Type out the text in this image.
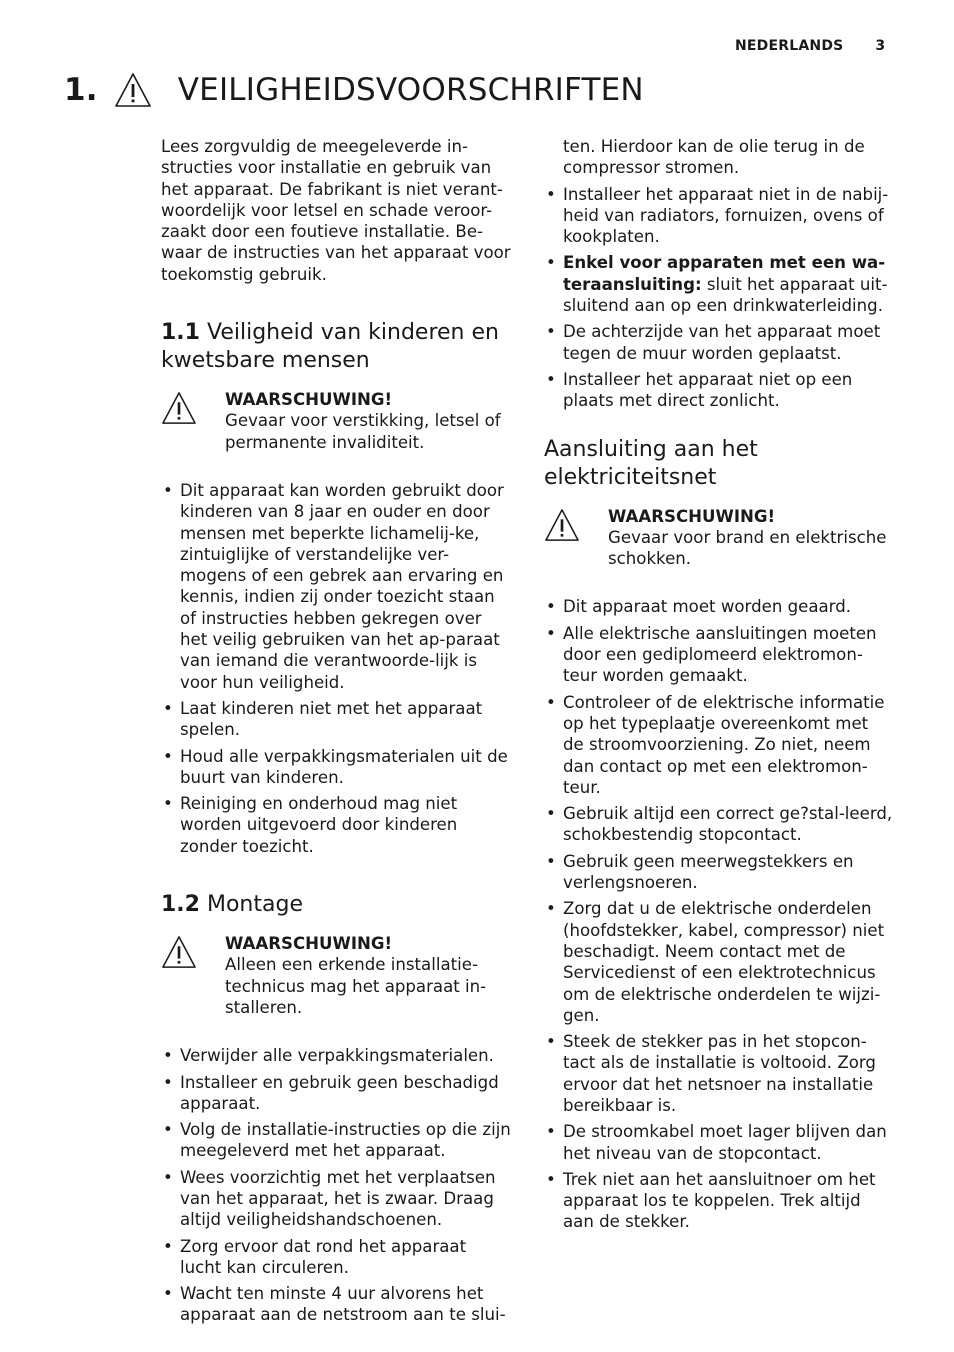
NEDERLANDS 3
1.	VEILIGHEIDSVOORSCHRIFTEN

Lees zorgvuldig de meegeleverde in-structies voor installatie en gebruik van het apparaat. De fabrikant is niet verant-woordelijk voor letsel en schade veroor-zaakt door een foutieve installatie. Be-waar de instructies van het apparaat voor toekomstig gebruik.

1.1 Veiligheid van kinderen en kwetsbare mensen
WAARSCHUWING!
Gevaar voor verstikking, letsel of permanente invaliditeit.
• Dit apparaat kan worden gebruikt door kinderen van 8 jaar en ouder en door mensen met beperkte lichamelij-ke, zintuiglijke of verstandelijke ver-mogens of een gebrek aan ervaring en kennis, indien zij onder toezicht staan of instructies hebben gekregen over het veilig gebruiken van het ap-paraat van iemand die verantwoorde-lijk is voor hun veiligheid.
• Laat kinderen niet met het apparaat spelen.
• Houd alle verpakkingsmaterialen uit de buurt van kinderen.
• Reiniging en onderhoud mag niet worden uitgevoerd door kinderen zonder toezicht.
1.2 Montage
WAARSCHUWING!
Alleen een erkende installatie-technicus mag het apparaat in-stalleren.
• Verwijder alle verpakkingsmaterialen.
• Installeer en gebruik geen beschadigd apparaat.
• Volg de installatie-instructies op die zijn meegeleverd met het apparaat.
• Wees voorzichtig met het verplaatsen van het apparaat, het is zwaar. Draag altijd veiligheidshandschoenen.
• Zorg ervoor dat rond het apparaat lucht kan circuleren.
• Wacht ten minste 4 uur alvorens het apparaat aan de netstroom aan te slui-
ten. Hierdoor kan de olie terug in de compressor stromen.
• Installeer het apparaat niet in de nabij-heid van radiators, fornuizen, ovens of kookplaten.
• Enkel voor apparaten met een wa-teraansluiting: sluit het apparaat uit-sluitend aan op een drinkwaterleiding.
• De achterzijde van het apparaat moet tegen de muur worden geplaatst.
• Installeer het apparaat niet op een plaats met direct zonlicht.
Aansluiting aan het elektriciteitsnet
WAARSCHUWING!
Gevaar voor brand en elektrische schokken.
• Dit apparaat moet worden geaard.
• Alle elektrische aansluitingen moeten door een gediplomeerd elektromon-teur worden gemaakt.
• Controleer of de elektrische informatie op het typeplaatje overeenkomt met de stroomvoorziening. Zo niet, neem dan contact op met een elektromon-teur.
• Gebruik altijd een correct ge?stal-leerd, schokbestendig stopcontact.
• Gebruik geen meerwegstekkers en verlengsnoeren.
• Zorg dat u de elektrische onderdelen (hoofdstekker, kabel, compressor) niet beschadigt. Neem contact met de Servicedienst of een elektrotechnicus om de elektrische onderdelen te wijzi-gen.
• Steek de stekker pas in het stopcon-tact als de installatie is voltooid. Zorg ervoor dat het netsnoer na installatie bereikbaar is.
• De stroomkabel moet lager blijven dan het niveau van de stopcontact.
• Trek niet aan het aansluitnoer om het apparaat los te koppelen. Trek altijd aan de stekker.
